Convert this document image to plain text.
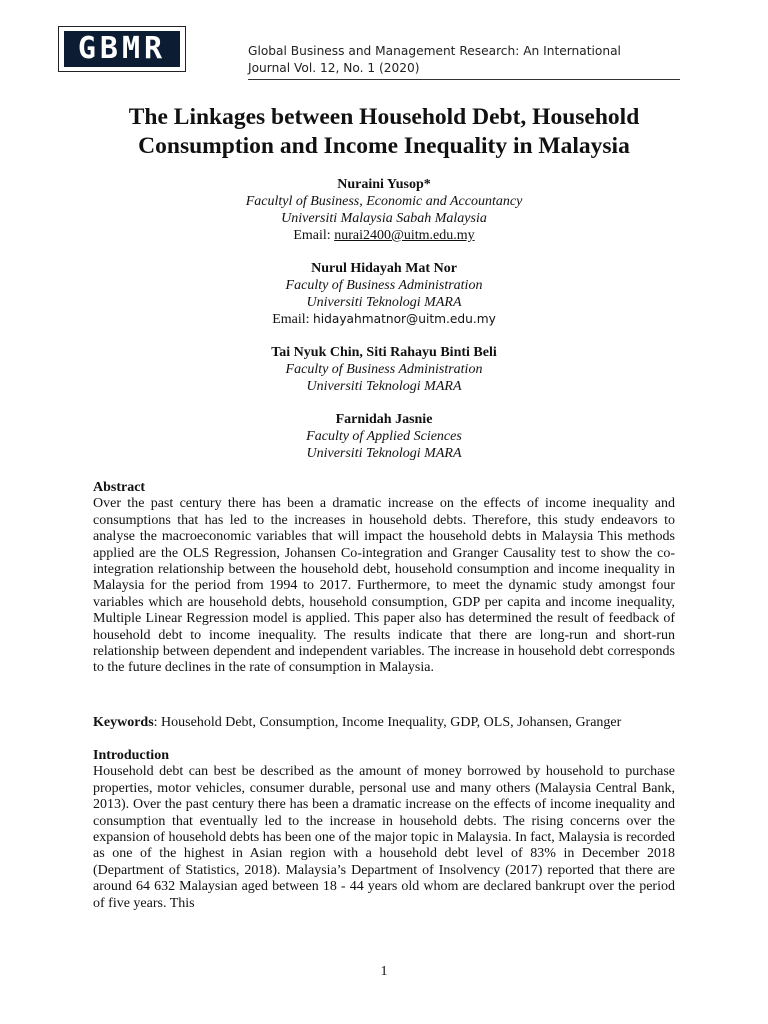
GBMR	Global Business and Management Research: An International
Journal Vol. 12, No. 1 (2020)
The Linkages between Household Debt, Household
Consumption and Income Inequality in Malaysia
Nuraini Yusop*
Facultyl of Business, Economic and Accountancy
Universiti Malaysia Sabah Malaysia
Email: nurai2400@uitm.edu.my
Nurul Hidayah Mat Nor
Faculty of Business Administration
Universiti Teknologi MARA
Email: hidayahmatnor@uitm.edu.my
Tai Nyuk Chin, Siti Rahayu Binti Beli
Faculty of Business Administration
Universiti Teknologi MARA
Farnidah Jasnie
Faculty of Applied Sciences
Universiti Teknologi MARA
Abstract
Over the past century there has been a dramatic increase on the effects of income inequality and consumptions that has led to the increases in household debts. Therefore, this study endeavors to analyse the macroeconomic variables that will impact the household debts in Malaysia This methods applied are the OLS Regression, Johansen Co-integration and Granger Causality test to show the co-integration relationship between the household debt, household consumption and income inequality in Malaysia for the period from 1994 to 2017. Furthermore, to meet the dynamic study amongst four variables which are household debts, household consumption, GDP per capita and income inequality, Multiple Linear Regression model is applied. This paper also has determined the result of feedback of household debt to income inequality. The results indicate that there are long-run and short-run relationship between dependent and independent variables. The increase in household debt corresponds to the future declines in the rate of consumption in Malaysia.
Keywords: Household Debt, Consumption, Income Inequality, GDP, OLS, Johansen, Granger
Introduction
Household debt can best be described as the amount of money borrowed by household to purchase properties, motor vehicles, consumer durable, personal use and many others (Malaysia Central Bank, 2013). Over the past century there has been a dramatic increase on the effects of income inequality and consumption that eventually led to the increase in household debts. The rising concerns over the expansion of household debts has been one of the major topic in Malaysia. In fact, Malaysia is recorded as one of the highest in Asian region with a household debt level of 83% in December 2018 (Department of Statistics, 2018). Malaysia’s Department of Insolvency (2017) reported that there are around 64 632 Malaysian aged between 18 - 44 years old whom are declared bankrupt over the period of five years. This
1
